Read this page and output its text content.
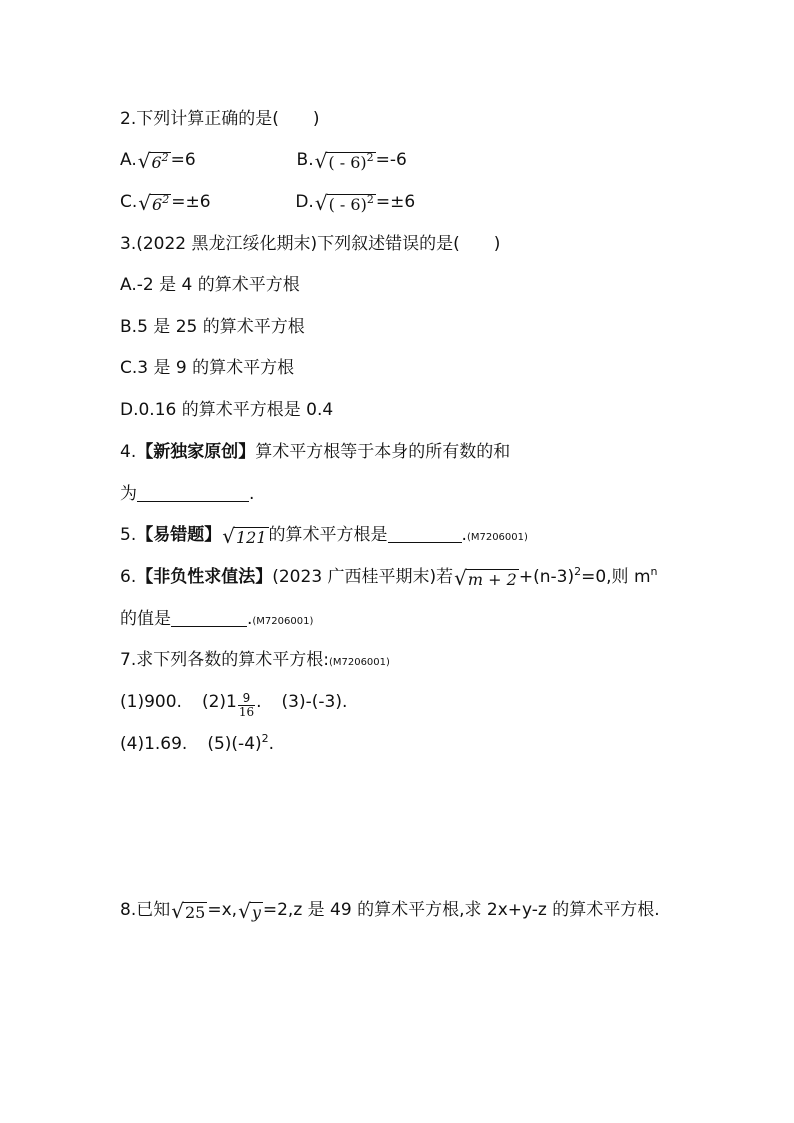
2.下列计算正确的是(　　)
$A.√6^2 =6$	B.√( - 6)$^2$ =-6
$C.√6^2 =\pm 6$	D.√( - 6)$^2$ =±6
3.(2022 黑龙江绥化期末)下列叙述错误的是(　　)
A.-2 是 4 的算术平方根
B.5 是 25 的算术平方根
C.3 是 9 的算术平方根
D.0.16 的算术平方根是 0.4
4.【新独家原创】算术平方根等于本身的所有数的和
为	.
5.【易错题】√121 的算术平方根是	.(M7206001)
6.【非负性求值法】(2023 广西桂平期末)若$√m + 2 +(n-3)^2=0$,则 $m^n$
的值是	.(M7206001)
7.求下列各数的算术平方根:(M7206001)
(1)900. $(2)1 \frac{9}{16}$ . (3)-(-3).
(4)1.69. $(5)(-4)^2$.
8.已知√25 =x,√y =2,z 是 49 的算术平方根,求 2x+y-z 的算术平方根.
